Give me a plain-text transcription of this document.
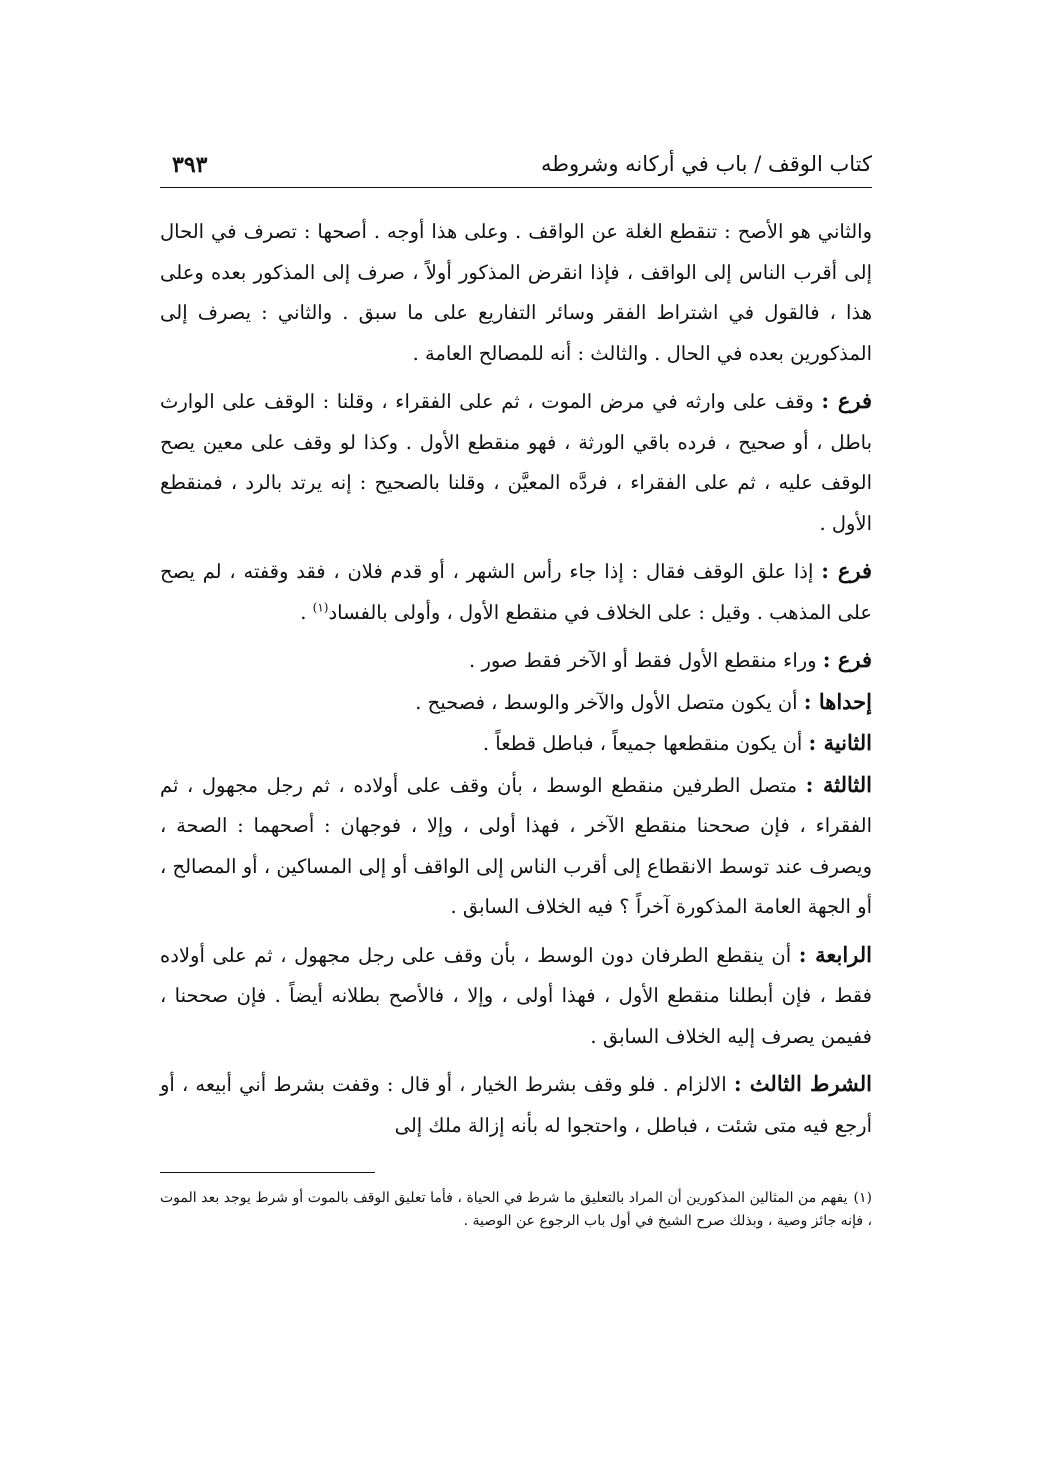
كتاب الوقف / باب في أركانه وشروطه
٣٩٣

والثاني هو الأصح : تنقطع الغلة عن الواقف . وعلى هذا أوجه . أصحها : تصرف في الحال إلى أقرب الناس إلى الواقف ، فإذا انقرض المذكور أولاً ، صرف إلى المذكور بعده وعلى هذا ، فالقول في اشتراط الفقر وسائر التفاريع على ما سبق . والثاني : يصرف إلى المذكورين بعده في الحال . والثالث : أنه للمصالح العامة .

فرع : وقف على وارثه في مرض الموت ، ثم على الفقراء ، وقلنا : الوقف على الوارث باطل ، أو صحيح ، فرده باقي الورثة ، فهو منقطع الأول . وكذا لو وقف على معين يصح الوقف عليه ، ثم على الفقراء ، فردَّه المعيَّن ، وقلنا بالصحيح : إنه يرتد بالرد ، فمنقطع الأول .

فرع : إذا علق الوقف فقال : إذا جاء رأس الشهر ، أو قدم فلان ، فقد وقفته ، لم يصح على المذهب . وقيل : على الخلاف في منقطع الأول ، وأولى بالفساد$^{(١)}$ .

فرع : وراء منقطع الأول فقط أو الآخر فقط صور .

إحداها : أن يكون متصل الأول والآخر والوسط ، فصحيح .

الثانية : أن يكون منقطعها جميعاً ، فباطل قطعاً .

الثالثة : متصل الطرفين منقطع الوسط ، بأن وقف على أولاده ، ثم رجل مجهول ، ثم الفقراء ، فإن صححنا منقطع الآخر ، فهذا أولى ، وإلا ، فوجهان : أصحهما : الصحة ، ويصرف عند توسط الانقطاع إلى أقرب الناس إلى الواقف أو إلى المساكين ، أو المصالح ، أو الجهة العامة المذكورة آخراً ؟ فيه الخلاف السابق .

الرابعة : أن ينقطع الطرفان دون الوسط ، بأن وقف على رجل مجهول ، ثم على أولاده فقط ، فإن أبطلنا منقطع الأول ، فهذا أولى ، وإلا ، فالأصح بطلانه أيضاً . فإن صححنا ، ففيمن يصرف إليه الخلاف السابق .

الشرط الثالث : الالزام . فلو وقف بشرط الخيار ، أو قال : وقفت بشرط أني أبيعه ، أو أرجع فيه متى شئت ، فباطل ، واحتجوا له بأنه إزالة ملك إلى

(١)يفهم من المثالين المذكورين أن المراد بالتعليق ما شرط في الحياة ، فأما تعليق الوقف بالموت أو شرط يوجد بعد الموت ، فإنه جائز وصية ، وبذلك صرح الشيخ في أول باب الرجوع عن الوصية .
